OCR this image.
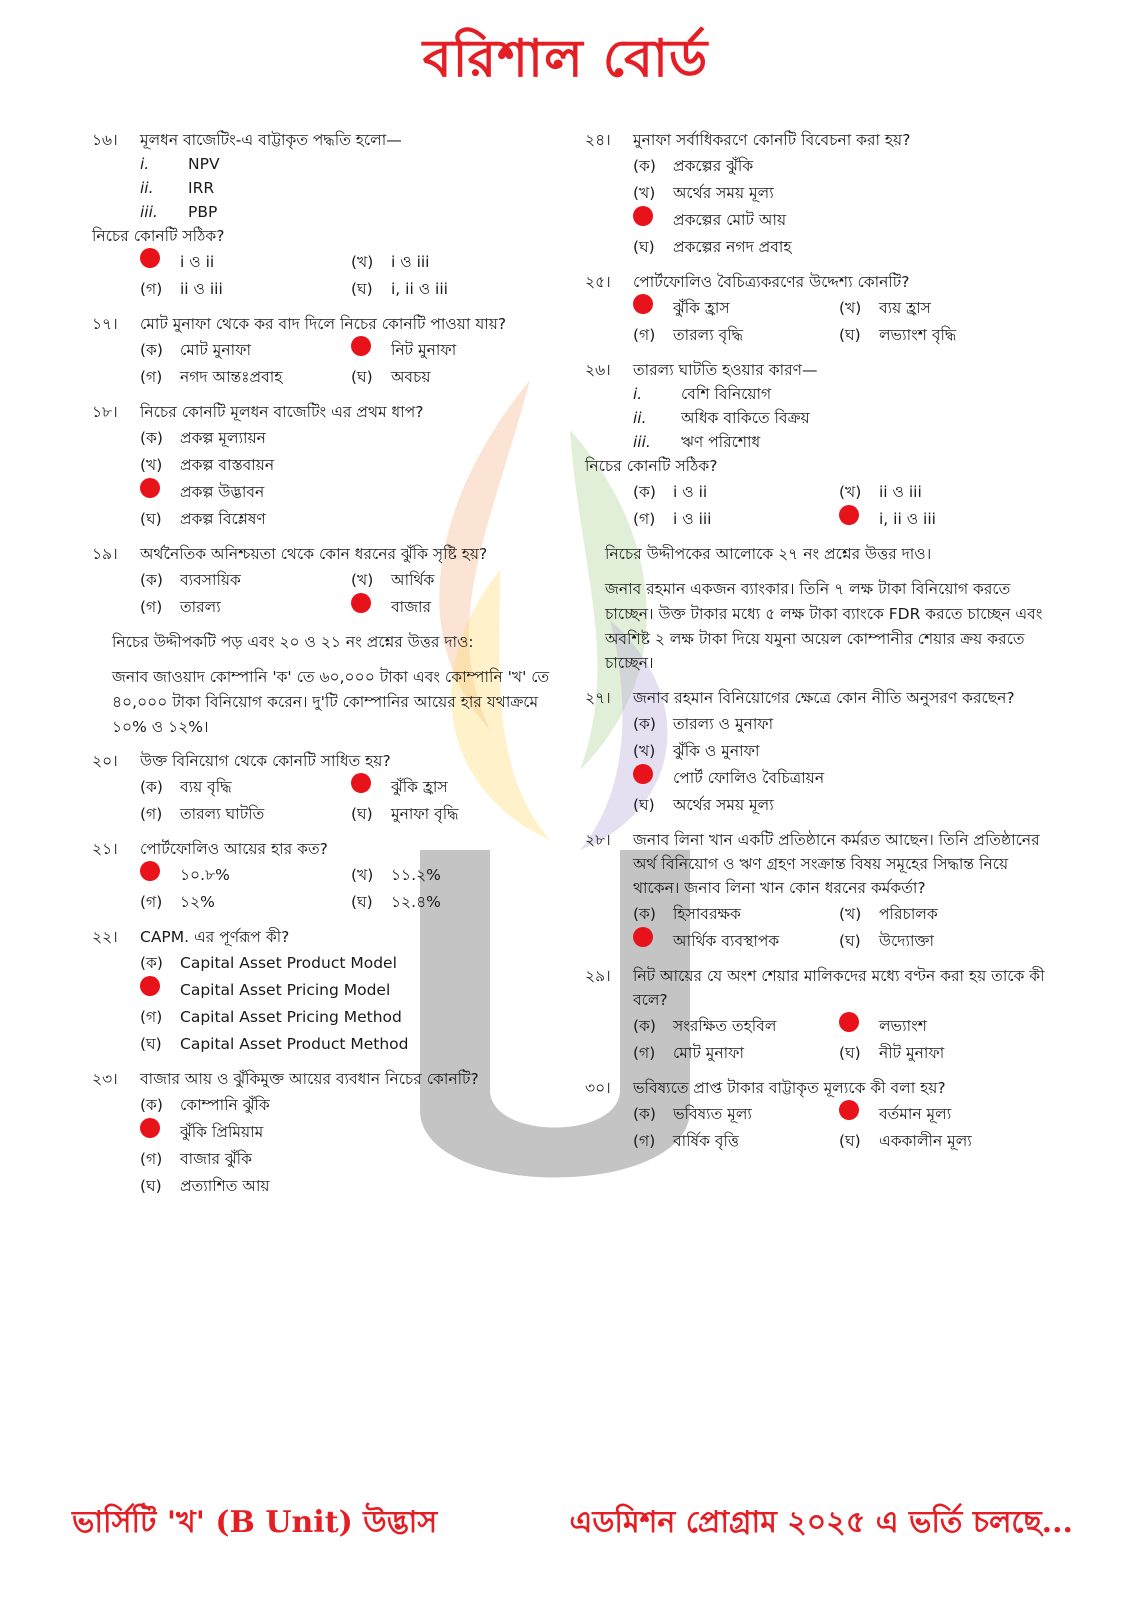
বরিশাল বোর্ড
১৬।	মূলধন বাজেটিং-এ বাট্টাকৃত পদ্ধতি হলো—
i.	NPV
ii.	IRR
iii.	PBP
নিচের কোনটি সঠিক?
i ও ii	(খ)	i ও iii
(গ)	ii ও iii	(ঘ)	i, ii ও iii
১৭।	মোট মুনাফা থেকে কর বাদ দিলে নিচের কোনটি পাওয়া যায়?
(ক)	মোট মুনাফা	নিট মুনাফা
(গ)	নগদ আন্তঃপ্রবাহ	(ঘ)	অবচয়
১৮।	নিচের কোনটি মূলধন বাজেটিং এর প্রথম ধাপ?
(ক)	প্রকল্প মূল্যায়ন
(খ)	প্রকল্প বাস্তবায়ন
প্রকল্প উদ্ভাবন
(ঘ)	প্রকল্প বিশ্লেষণ
১৯।	অর্থনৈতিক অনিশ্চয়তা থেকে কোন ধরনের ঝুঁকি সৃষ্টি হয়?
(ক)	ব্যবসায়িক	(খ)	আর্থিক
(গ)	তারল্য	বাজার
নিচের উদ্দীপকটি পড় এবং ২০ ও ২১ নং প্রশ্নের উত্তর দাও:
জনাব জাওয়াদ কোম্পানি 'ক' তে ৬০,০০০ টাকা এবং কোম্পানি 'খ' তে ৪০,০০০ টাকা বিনিয়োগ করেন। দু'টি কোম্পানির আয়ের হার যথাক্রমে ১০% ও ১২%।
২০।	উক্ত বিনিয়োগ থেকে কোনটি সাধিত হয়?
(ক)	ব্যয় বৃদ্ধি	ঝুঁকি হ্রাস
(গ)	তারল্য ঘাটতি	(ঘ)	মুনাফা বৃদ্ধি
২১।	পোর্টফোলিও আয়ের হার কত?
১০.৮%	(খ)	১১.২%
(গ)	১২%	(ঘ)	১২.৪%
২২।	CAPM. এর পূর্ণরূপ কী?
(ক)	Capital Asset Product Model
Capital Asset Pricing Model
(গ)	Capital Asset Pricing Method
(ঘ)	Capital Asset Product Method
২৩।	বাজার আয় ও ঝুঁকিমুক্ত আয়ের ব্যবধান নিচের কোনটি?
(ক)	কোম্পানি ঝুঁকি
ঝুঁকি প্রিমিয়াম
(গ)	বাজার ঝুঁকি
(ঘ)	প্রত্যাশিত আয়
২৪।	মুনাফা সর্বাধিকরণে কোনটি বিবেচনা করা হয়?
(ক)	প্রকল্পের ঝুঁকি
(খ)	অর্থের সময় মূল্য
প্রকল্পের মোট আয়
(ঘ)	প্রকল্পের নগদ প্রবাহ
২৫।	পোর্টফোলিও বৈচিত্র্যকরণের উদ্দেশ্য কোনটি?
ঝুঁকি হ্রাস	(খ)	ব্যয় হ্রাস
(গ)	তারল্য বৃদ্ধি	(ঘ)	লভ্যাংশ বৃদ্ধি
২৬।	তারল্য ঘাটতি হওয়ার কারণ—
i.	বেশি বিনিয়োগ
ii.	অধিক বাকিতে বিক্রয়
iii.	ঋণ পরিশোধ
নিচের কোনটি সঠিক?
(ক)	i ও ii	(খ)	ii ও iii
(গ)	i ও iii	i, ii ও iii
নিচের উদ্দীপকের আলোকে ২৭ নং প্রশ্নের উত্তর দাও।
জনাব রহমান একজন ব্যাংকার। তিনি ৭ লক্ষ টাকা বিনিয়োগ করতে চাচ্ছেন। উক্ত টাকার মধ্যে ৫ লক্ষ টাকা ব্যাংকে FDR করতে চাচ্ছেন এবং অবশিষ্ট ২ লক্ষ টাকা দিয়ে যমুনা অয়েল কোম্পানীর শেয়ার ক্রয় করতে চাচ্ছেন।
২৭।	জনাব রহমান বিনিয়োগের ক্ষেত্রে কোন নীতি অনুসরণ করছেন?
(ক)	তারল্য ও মুনাফা
(খ)	ঝুঁকি ও মুনাফা
পোর্ট ফোলিও বৈচিত্রায়ন
(ঘ)	অর্থের সময় মূল্য
২৮।	জনাব লিনা খান একটি প্রতিষ্ঠানে কর্মরত আছেন। তিনি প্রতিষ্ঠানের অর্থ বিনিয়োগ ও ঋণ গ্রহণ সংক্রান্ত বিষয় সমূহের সিদ্ধান্ত নিয়ে থাকেন। জনাব লিনা খান কোন ধরনের কর্মকর্তা?
(ক)	হিসাবরক্ষক	(খ)	পরিচালক
আর্থিক ব্যবস্থাপক	(ঘ)	উদ্যোক্তা
২৯।	নিট আয়ের যে অংশ শেয়ার মালিকদের মধ্যে বণ্টন করা হয় তাকে কী বলে?
(ক)	সংরক্ষিত তহবিল	লভ্যাংশ
(গ)	মোট মুনাফা	(ঘ)	নীট মুনাফা
৩০।	ভবিষ্যতে প্রাপ্ত টাকার বাট্টাকৃত মূল্যকে কী বলা হয়?
(ক)	ভবিষ্যত মূল্য	বর্তমান মূল্য
(গ)	বার্ষিক বৃত্তি	(ঘ)	এককালীন মূল্য
ভার্সিটি 'খ' (B Unit) উদ্ভাস	এডমিশন প্রোগ্রাম ২০২৫ এ ভর্তি চলছে...
